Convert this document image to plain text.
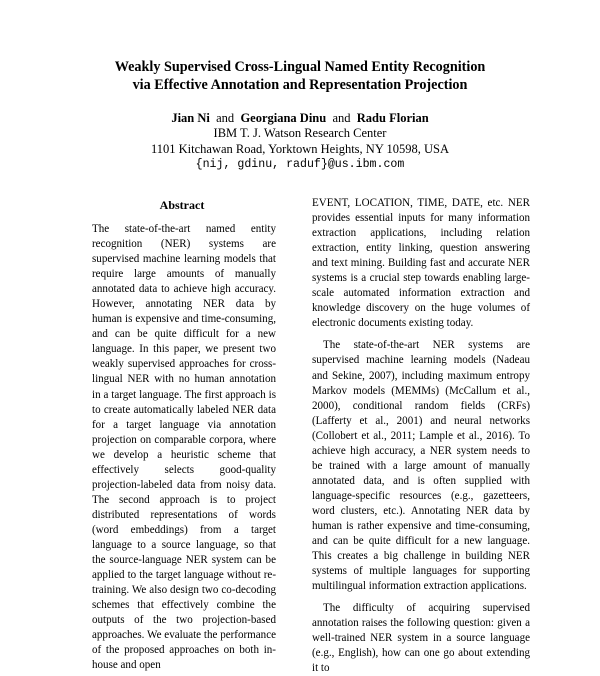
Weakly Supervised Cross-Lingual Named Entity Recognition
via Effective Annotation and Representation Projection
Jian Ni and Georgiana Dinu and Radu Florian
IBM T. J. Watson Research Center
1101 Kitchawan Road, Yorktown Heights, NY 10598, USA
{nij, gdinu, raduf}@us.ibm.com
Abstract

The state-of-the-art named entity recognition (NER) systems are supervised machine learning models that require large amounts of manually annotated data to achieve high accuracy. However, annotating NER data by human is expensive and time-consuming, and can be quite difficult for a new language. In this paper, we present two weakly supervised approaches for cross-lingual NER with no human annotation in a target language. The first approach is to create automatically labeled NER data for a target language via annotation projection on comparable corpora, where we develop a heuristic scheme that effectively selects good-quality projection-labeled data from noisy data. The second approach is to project distributed representations of words (word embeddings) from a target language to a source language, so that the source-language NER system can be applied to the target language without re-training. We also design two co-decoding schemes that effectively combine the outputs of the two projection-based approaches. We evaluate the performance of the proposed approaches on both in-house and open

EVENT, LOCATION, TIME, DATE, etc. NER provides essential inputs for many information extraction applications, including relation extraction, entity linking, question answering and text mining. Building fast and accurate NER systems is a crucial step towards enabling large-scale automated information extraction and knowledge discovery on the huge volumes of electronic documents existing today.

The state-of-the-art NER systems are supervised machine learning models (Nadeau and Sekine, 2007), including maximum entropy Markov models (MEMMs) (McCallum et al., 2000), conditional random fields (CRFs) (Lafferty et al., 2001) and neural networks (Collobert et al., 2011; Lample et al., 2016). To achieve high accuracy, a NER system needs to be trained with a large amount of manually annotated data, and is often supplied with language-specific resources (e.g., gazetteers, word clusters, etc.). Annotating NER data by human is rather expensive and time-consuming, and can be quite difficult for a new language. This creates a big challenge in building NER systems of multiple languages for supporting multilingual information extraction applications.

The difficulty of acquiring supervised annotation raises the following question: given a well-trained NER system in a source language (e.g., English), how can one go about extending it to
